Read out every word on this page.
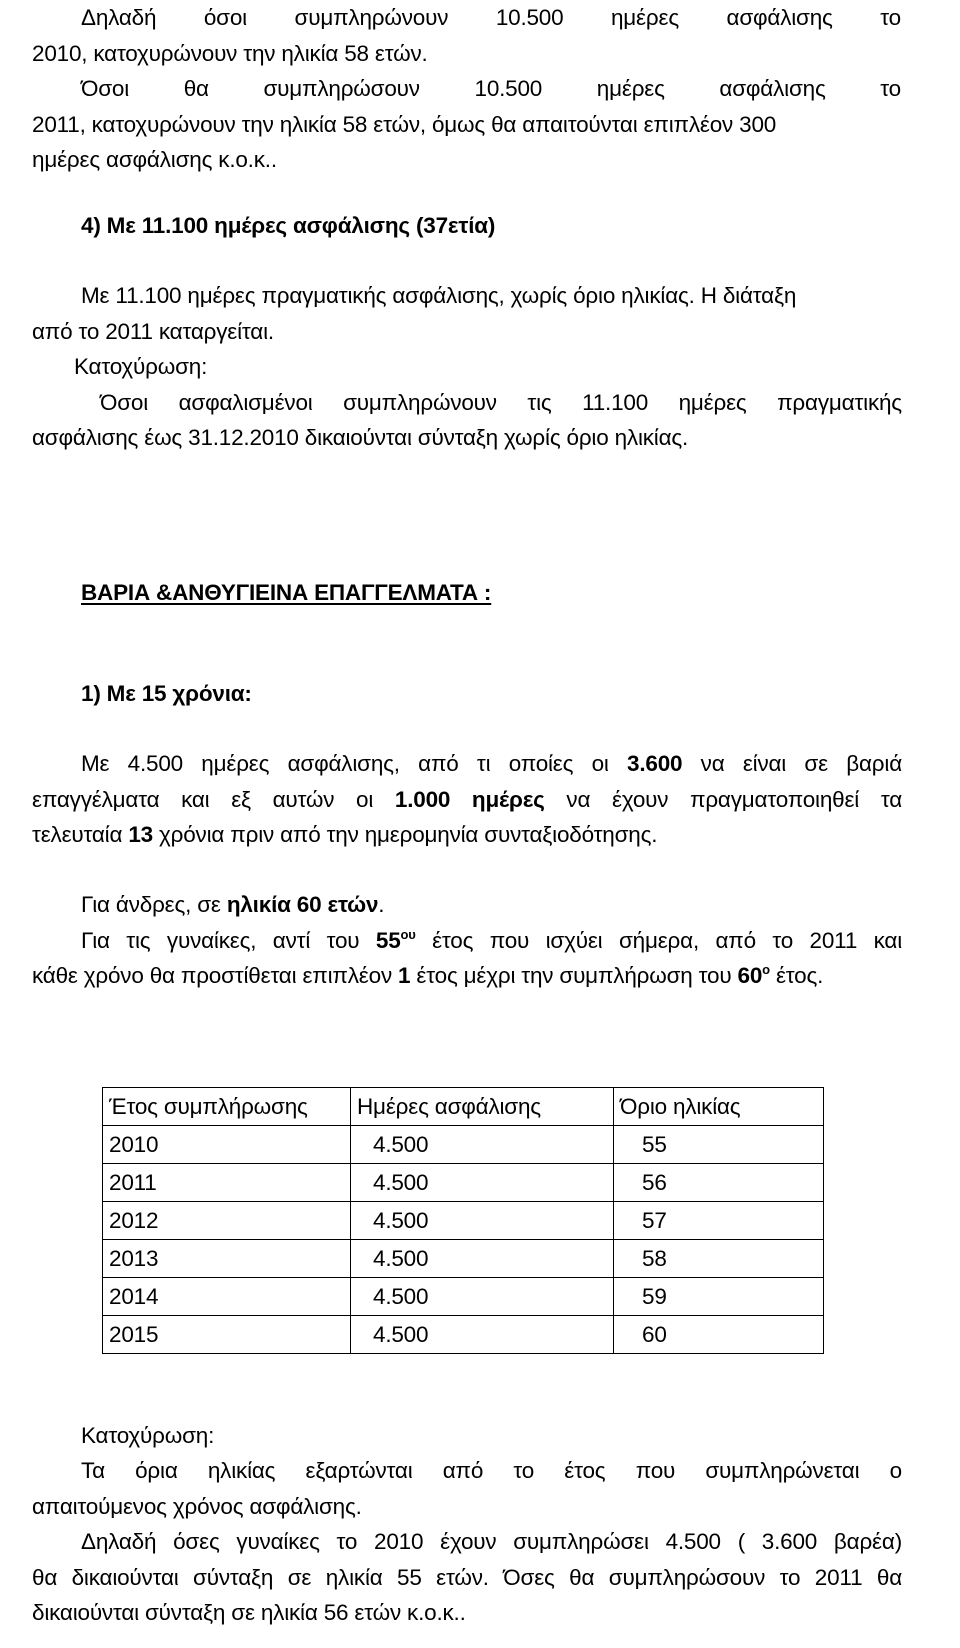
Δηλαδή όσοι συμπληρώνουν 10.500 ημέρες ασφάλισης το
2010, κατοχυρώνουν την ηλικία 58 ετών.
Όσοι θα συμπληρώσουν 10.500 ημέρες ασφάλισης το
2011, κατοχυρώνουν την ηλικία 58 ετών, όμως θα απαιτούνται επιπλέον 300
ημέρες ασφάλισης κ.ο.κ..
4) Με 11.100 ημέρες ασφάλισης (37ετία)
Με 11.100 ημέρες πραγματικής ασφάλισης, χωρίς όριο ηλικίας. Η διάταξη
από το 2011 καταργείται.
Κατοχύρωση:
Όσοι ασφαλισμένοι συμπληρώνουν τις 11.100 ημέρες πραγματικής
ασφάλισης έως 31.12.2010 δικαιούνται σύνταξη χωρίς όριο ηλικίας.
ΒΑΡΙΑ &ΑΝΘΥΓΙΕΙΝΑ ΕΠΑΓΓΕΛΜΑΤΑ :
1) Με 15 χρόνια:
Με 4.500 ημέρες ασφάλισης, από τι οποίες οι 3.600 να είναι σε βαριά
επαγγέλματα και εξ αυτών οι 1.000 ημέρες να έχουν πραγματοποιηθεί τα
τελευταία 13 χρόνια πριν από την ημερομηνία συνταξιοδότησης.
Για άνδρες, σε ηλικία 60 ετών.
Για τις γυναίκες, αντί του $55^{o\upsilon}$ έτος που ισχύει σήμερα, από το 2011 και
κάθε χρόνο θα προστίθεται επιπλέον 1 έτος μέχρι την συμπλήρωση του $60^o$ έτος.
Έτος συμπλήρωσης	Ημέρες ασφάλισης	Όριο ηλικίας
2010	4.500	55
2011	4.500	56
2012	4.500	57
2013	4.500	58
2014	4.500	59
2015	4.500	60
Κατοχύρωση:
Τα όρια ηλικίας εξαρτώνται από το έτος που συμπληρώνεται ο
απαιτούμενος χρόνος ασφάλισης.
Δηλαδή όσες γυναίκες το 2010 έχουν συμπληρώσει 4.500 ( 3.600 βαρέα)
θα δικαιούνται σύνταξη σε ηλικία 55 ετών. Όσες θα συμπληρώσουν το 2011 θα
δικαιούνται σύνταξη σε ηλικία 56 ετών κ.ο.κ..
